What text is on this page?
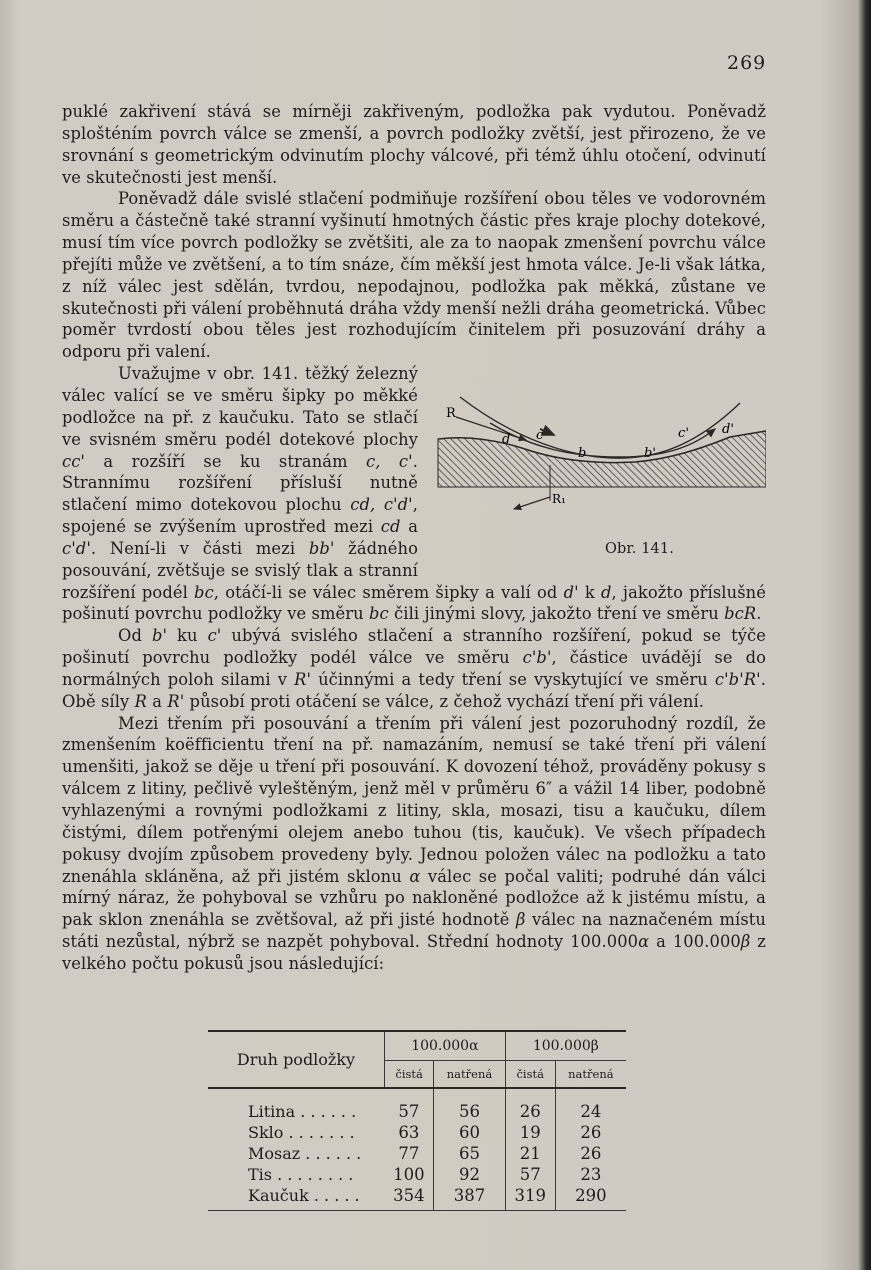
269

puklé zakřivení stává se mírněji zakřiveným, podložka pak vydutou. Poněvadž splošténím povrch válce se zmenší, a povrch podložky zvětší, jest přirozeno, že ve srovnání s geometrickým odvinutím plochy válcové, při témž úhlu otočení, odvinutí ve skutečnosti jest menší.

Poněvadž dále svislé stlačení podmiňuje rozšíření obou těles ve vodorovném směru a částečně také stranní vyšinutí hmotných částic přes kraje plochy dotekové, musí tím více povrch podložky se zvětšiti, ale za to naopak zmenšení povrchu válce přejíti může ve zvětšení, a to tím snáze, čím měkší jest hmota válce. Je-li však látka, z níž válec jest sdělán, tvrdou, nepodajnou, podložka pak měkká, zůstane ve skutečnosti při válení proběhnutá dráha vždy menší nežli dráha geometrická. Vůbec poměr tvrdostí obou těles jest rozhodujícím činitelem při posuzování dráhy a odporu při valení.

R
d c
b	b'
c'	d'
R₁
Obr. 141.
Uvažujme v obr. 141. těžký železný válec valící se ve směru šipky po měkké podložce na př. z kaučuku. Tato se stlačí ve svisném směru podél dotekové plochy cc' a rozšíří se ku stranám c, c'. Strannímu rozšíření přísluší nutně stlačení mimo dotekovou plochu cd, c'd', spojené se zvýšením uprostřed mezi cd a c'd'. Není-li v části mezi bb' žádného posouvání, zvětšuje se svislý tlak a stranní rozšíření podél bc, otáčí-li se válec směrem šipky a valí od d' k d, jakožto příslušné pošinutí povrchu podložky ve směru bc čili jinými slovy, jakožto tření ve směru bcR.

Od b' ku c' ubývá svislého stlačení a stranního rozšíření, pokud se týče pošinutí povrchu podložky podél válce ve směru c'b', částice uvádějí se do normálných poloh silami v R' účinnými a tedy tření se vyskytující ve směru c'b'R'. Obě síly R a R' působí proti otáčení se válce, z čehož vychází tření při válení.

Mezi třením při posouvání a třením při válení jest pozoruhodný rozdíl, že zmenšením koëfficientu tření na př. namazáním, nemusí se také tření při válení umenšiti, jakož se děje u tření při posouvání. K dovození téhož, prováděny pokusy s válcem z litiny, pečlivě vyleštěným, jenž měl v průměru 6″ a vážil 14 liber, podobně vyhlazenými a rovnými podložkami z litiny, skla, mosazi, tisu a kaučuku, dílem čistými, dílem potřenými olejem anebo tuhou (tis, kaučuk). Ve všech případech pokusy dvojím způsobem provedeny byly. Jednou položen válec na podložku a tato znenáhla skláněna, až při jistém sklonu α válec se počal valiti; podruhé dán válci mírný náraz, že pohyboval se vzhůru po nakloněné podložce až k jistému místu, a pak sklon znenáhla se zvětšoval, až při jisté hodnotě β válec na naznačeném místu státi nezůstal, nýbrž se nazpět pohyboval. Střední hodnoty 100.000α a 100.000β z velkého počtu pokusů jsou následující:

Druh podložky	100.000α		100.000β	
	čistá	natřená	čistá	natřená
Litina . . . . . .	57	56	26	24
Sklo . . . . . . .	63	60	19	26
Mosaz . . . . . .	77	65	21	26
Tis . . . . . . . .	100	92	57	23
Kaučuk . . . . .	354	387	319	290
